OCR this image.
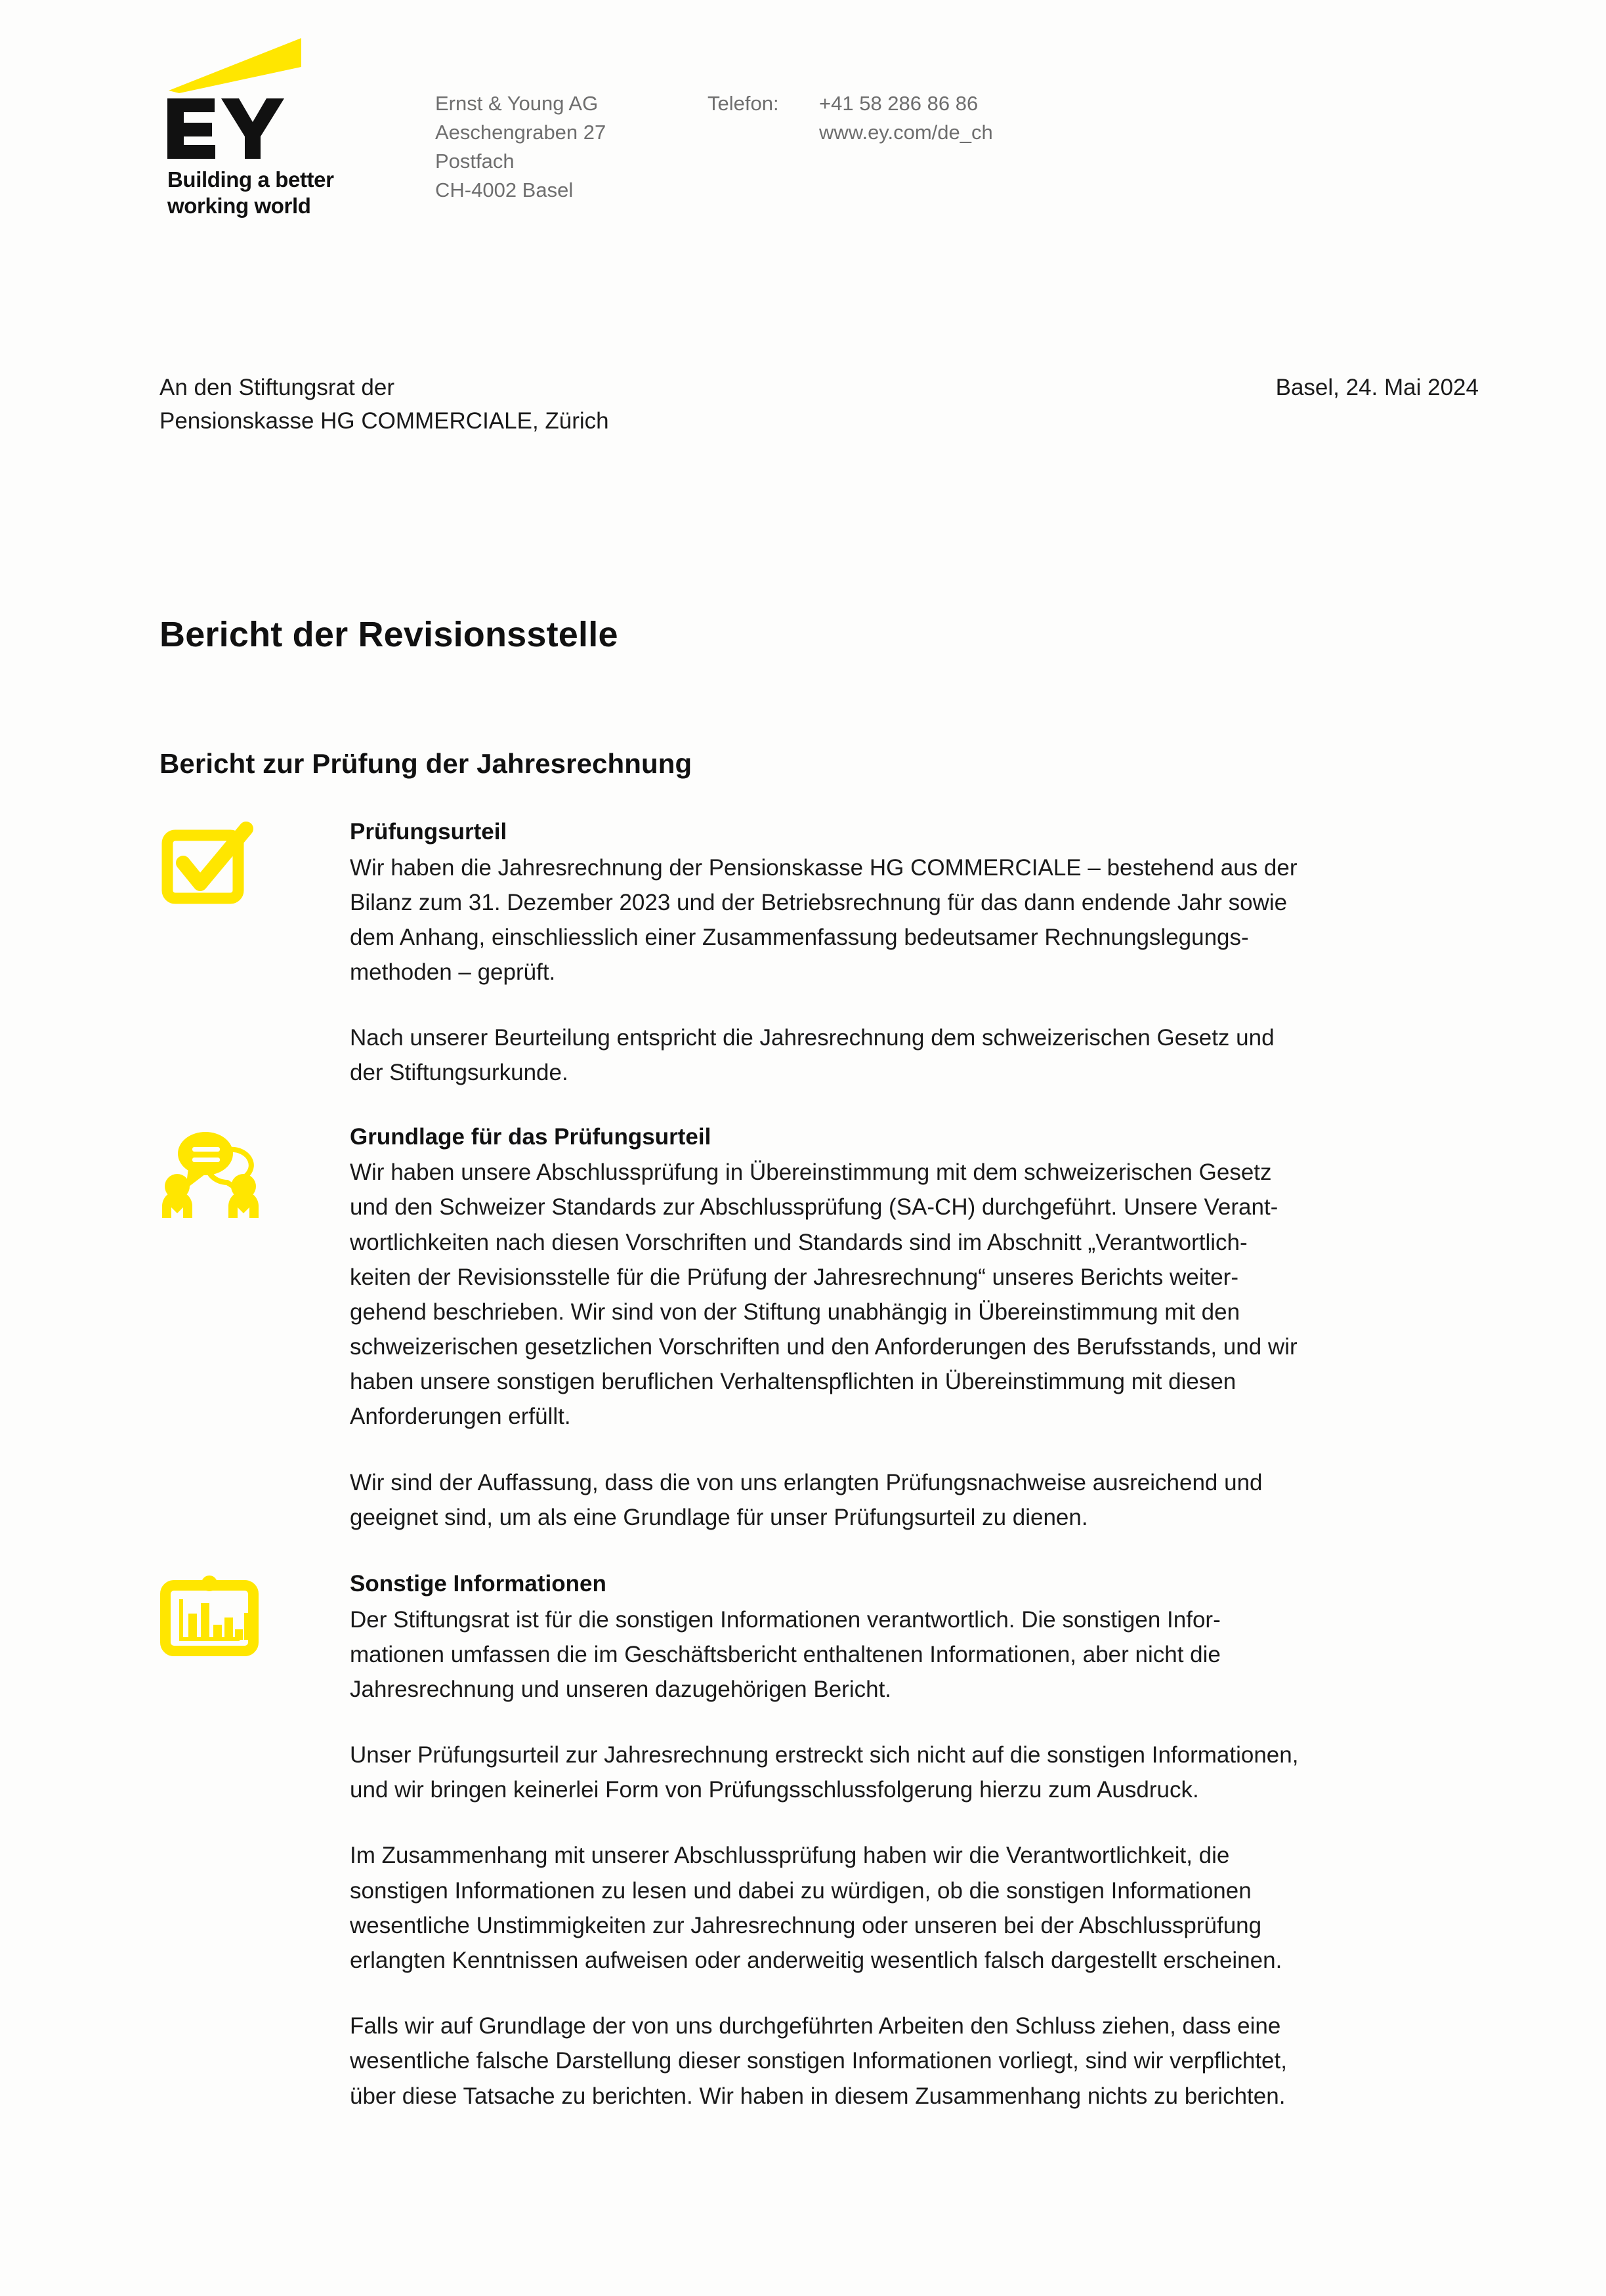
Building a better
working world
Ernst & Young AG
Aeschengraben 27
Postfach
CH-4002 Basel
Telefon:	+41 58 286 86 86
www.ey.com/de_ch
An den Stiftungsrat der
Pensionskasse HG COMMERCIALE, Zürich
Basel, 24. Mai 2024
Bericht der Revisionsstelle
Bericht zur Prüfung der Jahresrechnung
Prüfungsurteil

Wir haben die Jahresrechnung der Pensionskasse HG COMMERCIALE – bestehend aus der
Bilanz zum 31. Dezember 2023 und der Betriebsrechnung für das dann endende Jahr sowie
dem Anhang, einschliesslich einer Zusammenfassung bedeutsamer Rechnungslegungs-
methoden – geprüft.

Nach unserer Beurteilung entspricht die Jahresrechnung dem schweizerischen Gesetz und
der Stiftungsurkunde.

Grundlage für das Prüfungsurteil

Wir haben unsere Abschlussprüfung in Übereinstimmung mit dem schweizerischen Gesetz
und den Schweizer Standards zur Abschlussprüfung (SA-CH) durchgeführt. Unsere Verant-
wortlichkeiten nach diesen Vorschriften und Standards sind im Abschnitt „Verantwortlich-
keiten der Revisionsstelle für die Prüfung der Jahresrechnung“ unseres Berichts weiter-
gehend beschrieben. Wir sind von der Stiftung unabhängig in Übereinstimmung mit den
schweizerischen gesetzlichen Vorschriften und den Anforderungen des Berufsstands, und wir
haben unsere sonstigen beruflichen Verhaltenspflichten in Übereinstimmung mit diesen
Anforderungen erfüllt.

Wir sind der Auffassung, dass die von uns erlangten Prüfungsnachweise ausreichend und
geeignet sind, um als eine Grundlage für unser Prüfungsurteil zu dienen.

Sonstige Informationen

Der Stiftungsrat ist für die sonstigen Informationen verantwortlich. Die sonstigen Infor-
mationen umfassen die im Geschäftsbericht enthaltenen Informationen, aber nicht die
Jahresrechnung und unseren dazugehörigen Bericht.

Unser Prüfungsurteil zur Jahresrechnung erstreckt sich nicht auf die sonstigen Informationen,
und wir bringen keinerlei Form von Prüfungsschlussfolgerung hierzu zum Ausdruck.

Im Zusammenhang mit unserer Abschlussprüfung haben wir die Verantwortlichkeit, die
sonstigen Informationen zu lesen und dabei zu würdigen, ob die sonstigen Informationen
wesentliche Unstimmigkeiten zur Jahresrechnung oder unseren bei der Abschlussprüfung
erlangten Kenntnissen aufweisen oder anderweitig wesentlich falsch dargestellt erscheinen.

Falls wir auf Grundlage der von uns durchgeführten Arbeiten den Schluss ziehen, dass eine
wesentliche falsche Darstellung dieser sonstigen Informationen vorliegt, sind wir verpflichtet,
über diese Tatsache zu berichten. Wir haben in diesem Zusammenhang nichts zu berichten.
